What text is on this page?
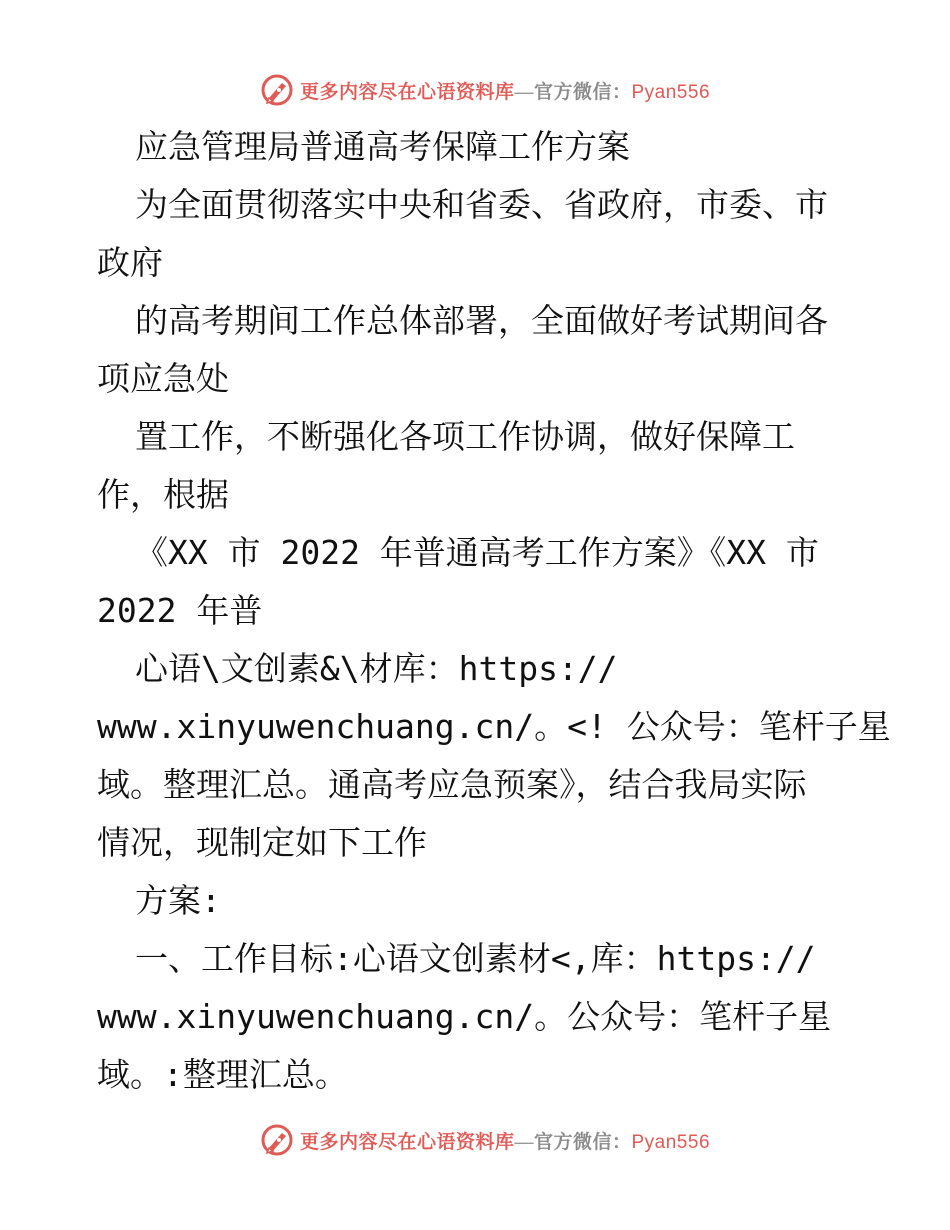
更多内容尽在心语资料库—官方微信：Pyan556
应急管理局普通高考保障工作方案
为全面贯彻落实中央和省委、省政府，市委、市
政府
的高考期间工作总体部署，全面做好考试期间各
项应急处
置工作，不断强化各项工作协调，做好保障工
作，根据
《XX 市 2022 年普通高考工作方案》《XX 市
2022 年普
心语\文创素&\材库：https://
www.xinyuwenchuang.cn/。<! 公众号：笔杆子星
域。整理汇总。通高考应急预案》，结合我局实际
情况，现制定如下工作
方案:
一、工作目标:心语文创素材<,库：https://
www.xinyuwenchuang.cn/。公众号：笔杆子星
域。:整理汇总。
更多内容尽在心语资料库—官方微信：Pyan556
